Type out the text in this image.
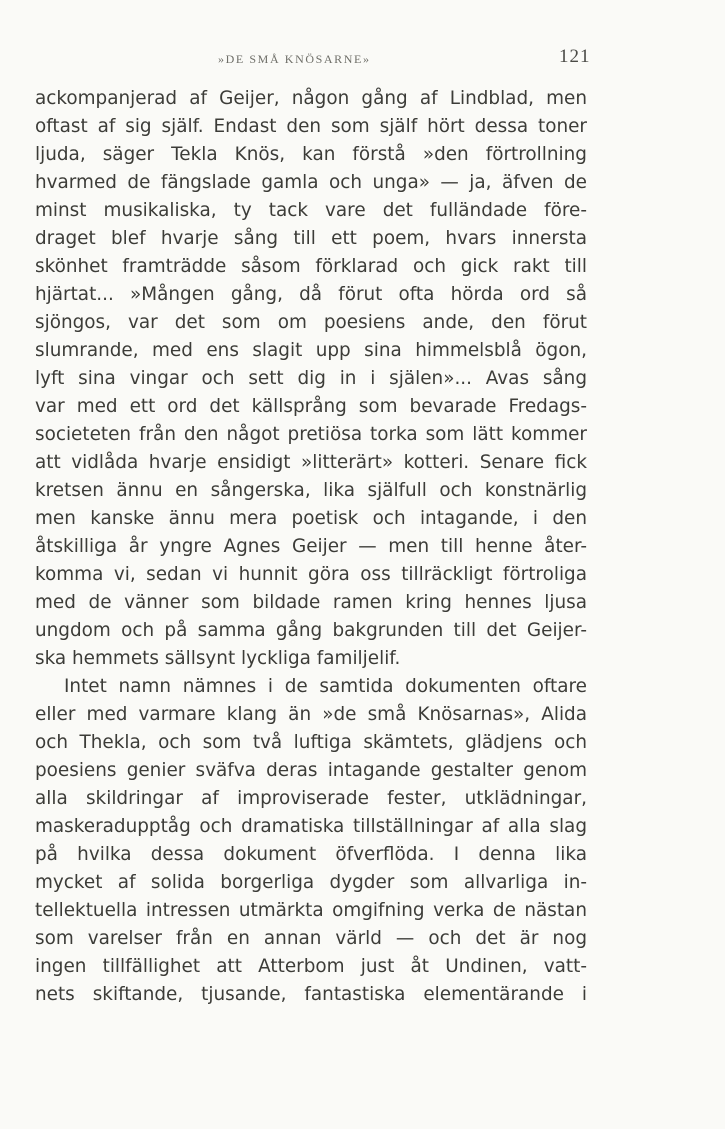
»DE SMÅ KNÖSARNE»	121
ackompanjerad af Geijer, någon gång af Lindblad, men
oftast af sig själf. Endast den som själf hört dessa toner
ljuda, säger Tekla Knös, kan förstå »den förtrollning
hvarmed de fängslade gamla och unga» — ja, äfven de
minst musikaliska, ty tack vare det fulländade före-
draget blef hvarje sång till ett poem, hvars innersta
skönhet framträdde såsom förklarad och gick rakt till
hjärtat... »Mången gång, då förut ofta hörda ord så
sjöngos, var det som om poesiens ande, den förut
slumrande, med ens slagit upp sina himmelsblå ögon,
lyft sina vingar och sett dig in i själen»... Avas sång
var med ett ord det källsprång som bevarade Fredags-
societeten från den något pretiösa torka som lätt kommer
att vidlåda hvarje ensidigt »litterärt» kotteri. Senare fick
kretsen ännu en sångerska, lika själfull och konstnärlig
men kanske ännu mera poetisk och intagande, i den
åtskilliga år yngre Agnes Geijer — men till henne åter-
komma vi, sedan vi hunnit göra oss tillräckligt förtroliga
med de vänner som bildade ramen kring hennes ljusa
ungdom och på samma gång bakgrunden till det Geijer-
ska hemmets sällsynt lyckliga familjelif.
Intet namn nämnes i de samtida dokumenten oftare
eller med varmare klang än »de små Knösarnas», Alida
och Thekla, och som två luftiga skämtets, glädjens och
poesiens genier sväfva deras intagande gestalter genom
alla skildringar af improviserade fester, utklädningar,
maskeradupptåg och dramatiska tillställningar af alla slag
på hvilka dessa dokument öfverflöda. I denna lika
mycket af solida borgerliga dygder som allvarliga in-
tellektuella intressen utmärkta omgifning verka de nästan
som varelser från en annan värld — och det är nog
ingen tillfällighet att Atterbom just åt Undinen, vatt-
nets skiftande, tjusande, fantastiska elementärande i
